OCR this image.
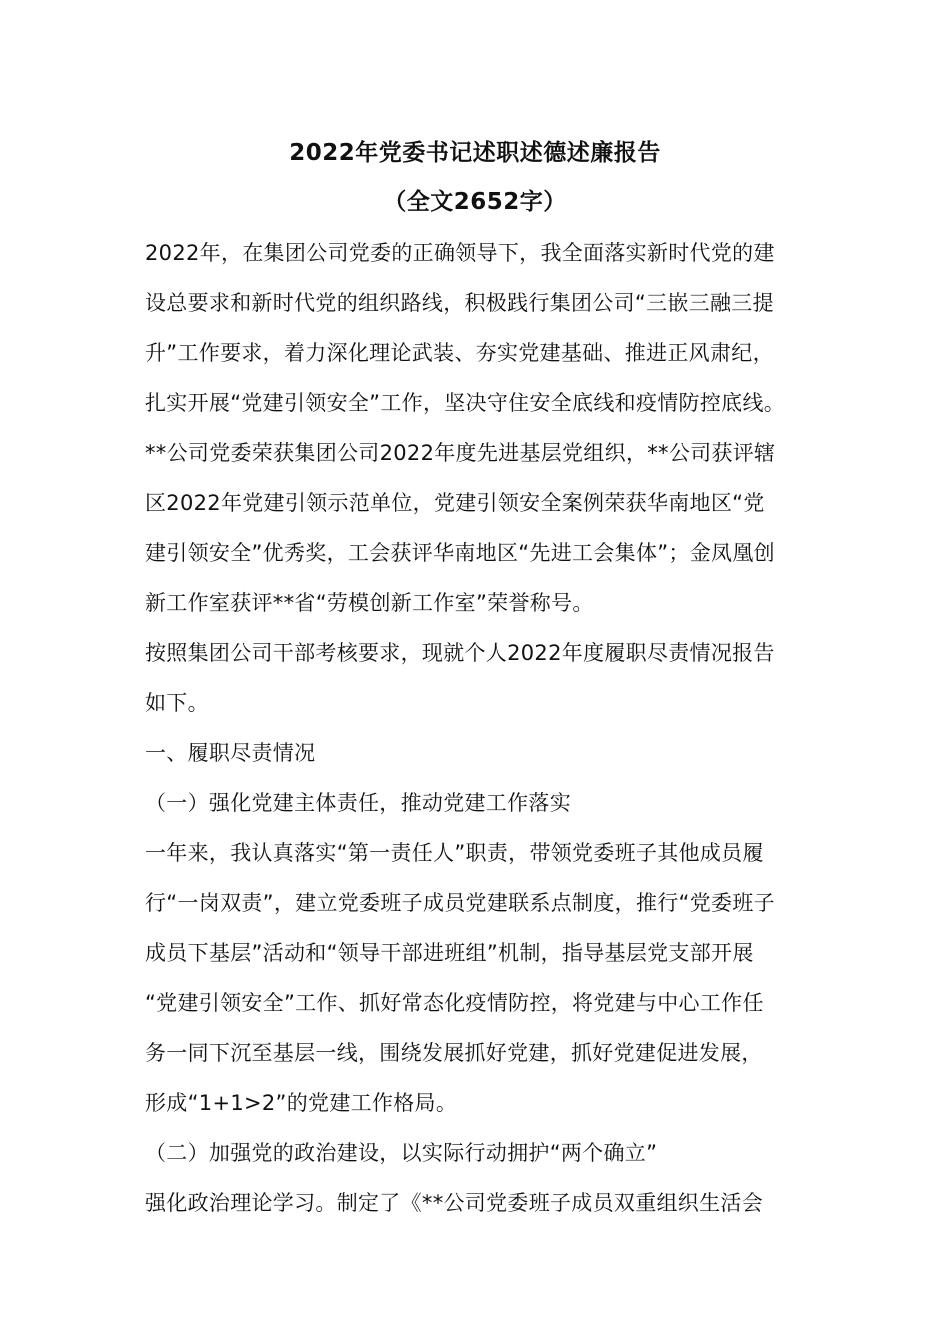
2022年党委书记述职述德述廉报告
（全文2652字）
2022年，在集团公司党委的正确领导下，我全面落实新时代党的建
设总要求和新时代党的组织路线，积极践行集团公司“三嵌三融三提
升”工作要求，着力深化理论武装、夯实党建基础、推进正风肃纪，
扎实开展“党建引领安全”工作，坚决守住安全底线和疫情防控底线。
**公司党委荣获集团公司2022年度先进基层党组织，**公司获评辖
区2022年党建引领示范单位，党建引领安全案例荣获华南地区“党
建引领安全”优秀奖，工会获评华南地区“先进工会集体”；金凤凰创
新工作室获评**省“劳模创新工作室”荣誉称号。
按照集团公司干部考核要求，现就个人2022年度履职尽责情况报告
如下。
一、履职尽责情况
（一）强化党建主体责任，推动党建工作落实
一年来，我认真落实“第一责任人”职责，带领党委班子其他成员履
行“一岗双责”，建立党委班子成员党建联系点制度，推行“党委班子
成员下基层”活动和“领导干部进班组”机制，指导基层党支部开展
“党建引领安全”工作、抓好常态化疫情防控，将党建与中心工作任
务一同下沉至基层一线，围绕发展抓好党建，抓好党建促进发展，
形成“1+1>2”的党建工作格局。
（二）加强党的政治建设，以实际行动拥护“两个确立”
强化政治理论学习。制定了《**公司党委班子成员双重组织生活会
